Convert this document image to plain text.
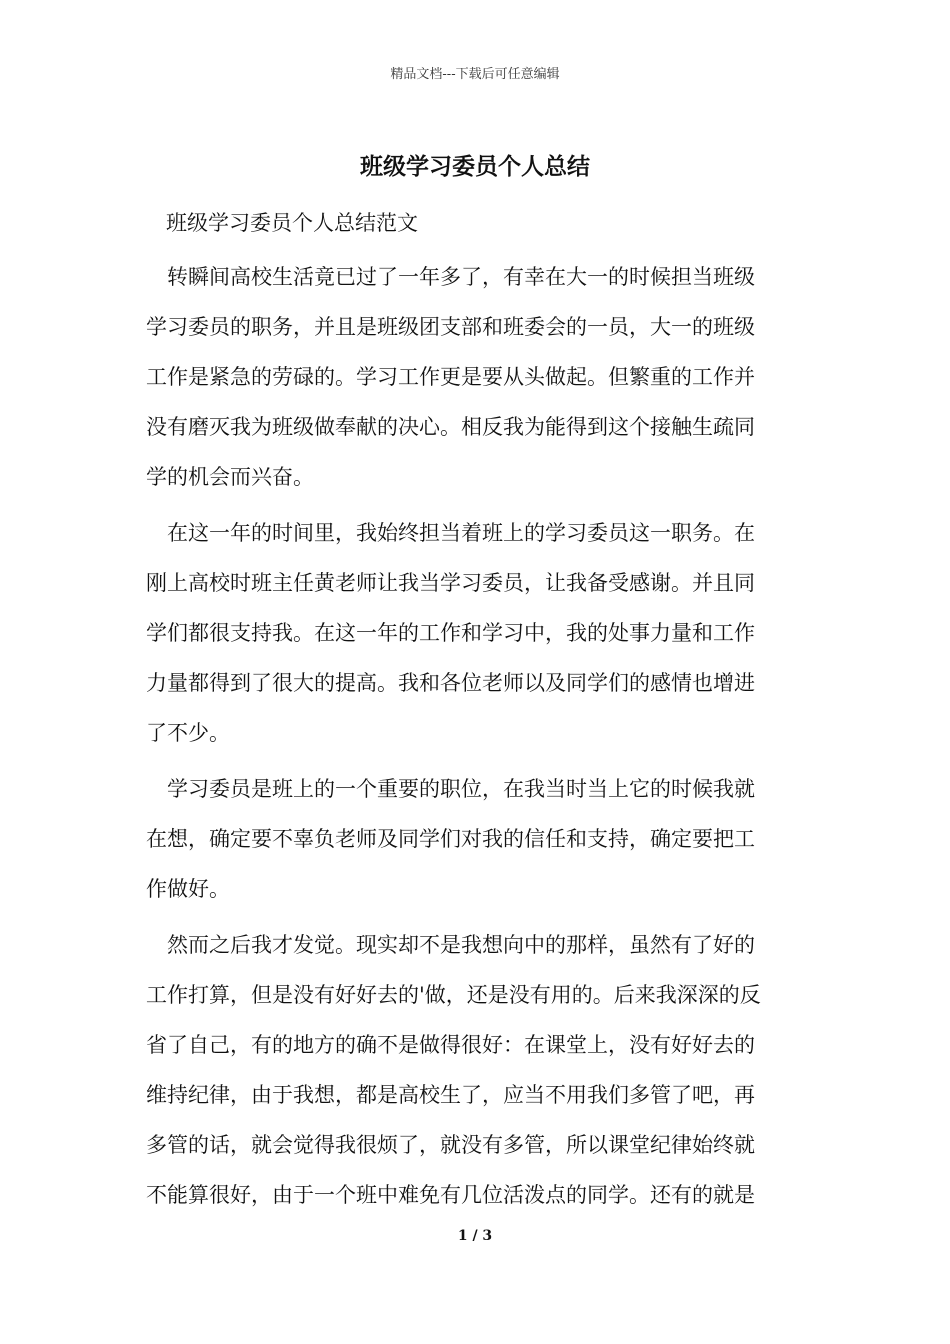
精品文档---下载后可任意编辑
班级学习委员个人总结
班级学习委员个人总结范文
　转瞬间高校生活竟已过了一年多了，有幸在大一的时候担当班级
学习委员的职务，并且是班级团支部和班委会的一员，大一的班级
工作是紧急的劳碌的。学习工作更是要从头做起。但繁重的工作并
没有磨灭我为班级做奉献的决心。相反我为能得到这个接触生疏同
学的机会而兴奋。
在这一年的时间里，我始终担当着班上的学习委员这一职务。在
刚上高校时班主任黄老师让我当学习委员，让我备受感谢。并且同
学们都很支持我。在这一年的工作和学习中，我的处事力量和工作
力量都得到了很大的提高。我和各位老师以及同学们的感情也增进
了不少。
学习委员是班上的一个重要的职位，在我当时当上它的时候我就
在想，确定要不辜负老师及同学们对我的信任和支持，确定要把工
作做好。
然而之后我才发觉。现实却不是我想向中的那样，虽然有了好的
工作打算，但是没有好好去的'做，还是没有用的。后来我深深的反
省了自己，有的地方的确不是做得很好：在课堂上，没有好好去的
维持纪律，由于我想，都是高校生了，应当不用我们多管了吧，再
多管的话，就会觉得我很烦了，就没有多管，所以课堂纪律始终就
不能算很好，由于一个班中难免有几位活泼点的同学。还有的就是
1 / 3
